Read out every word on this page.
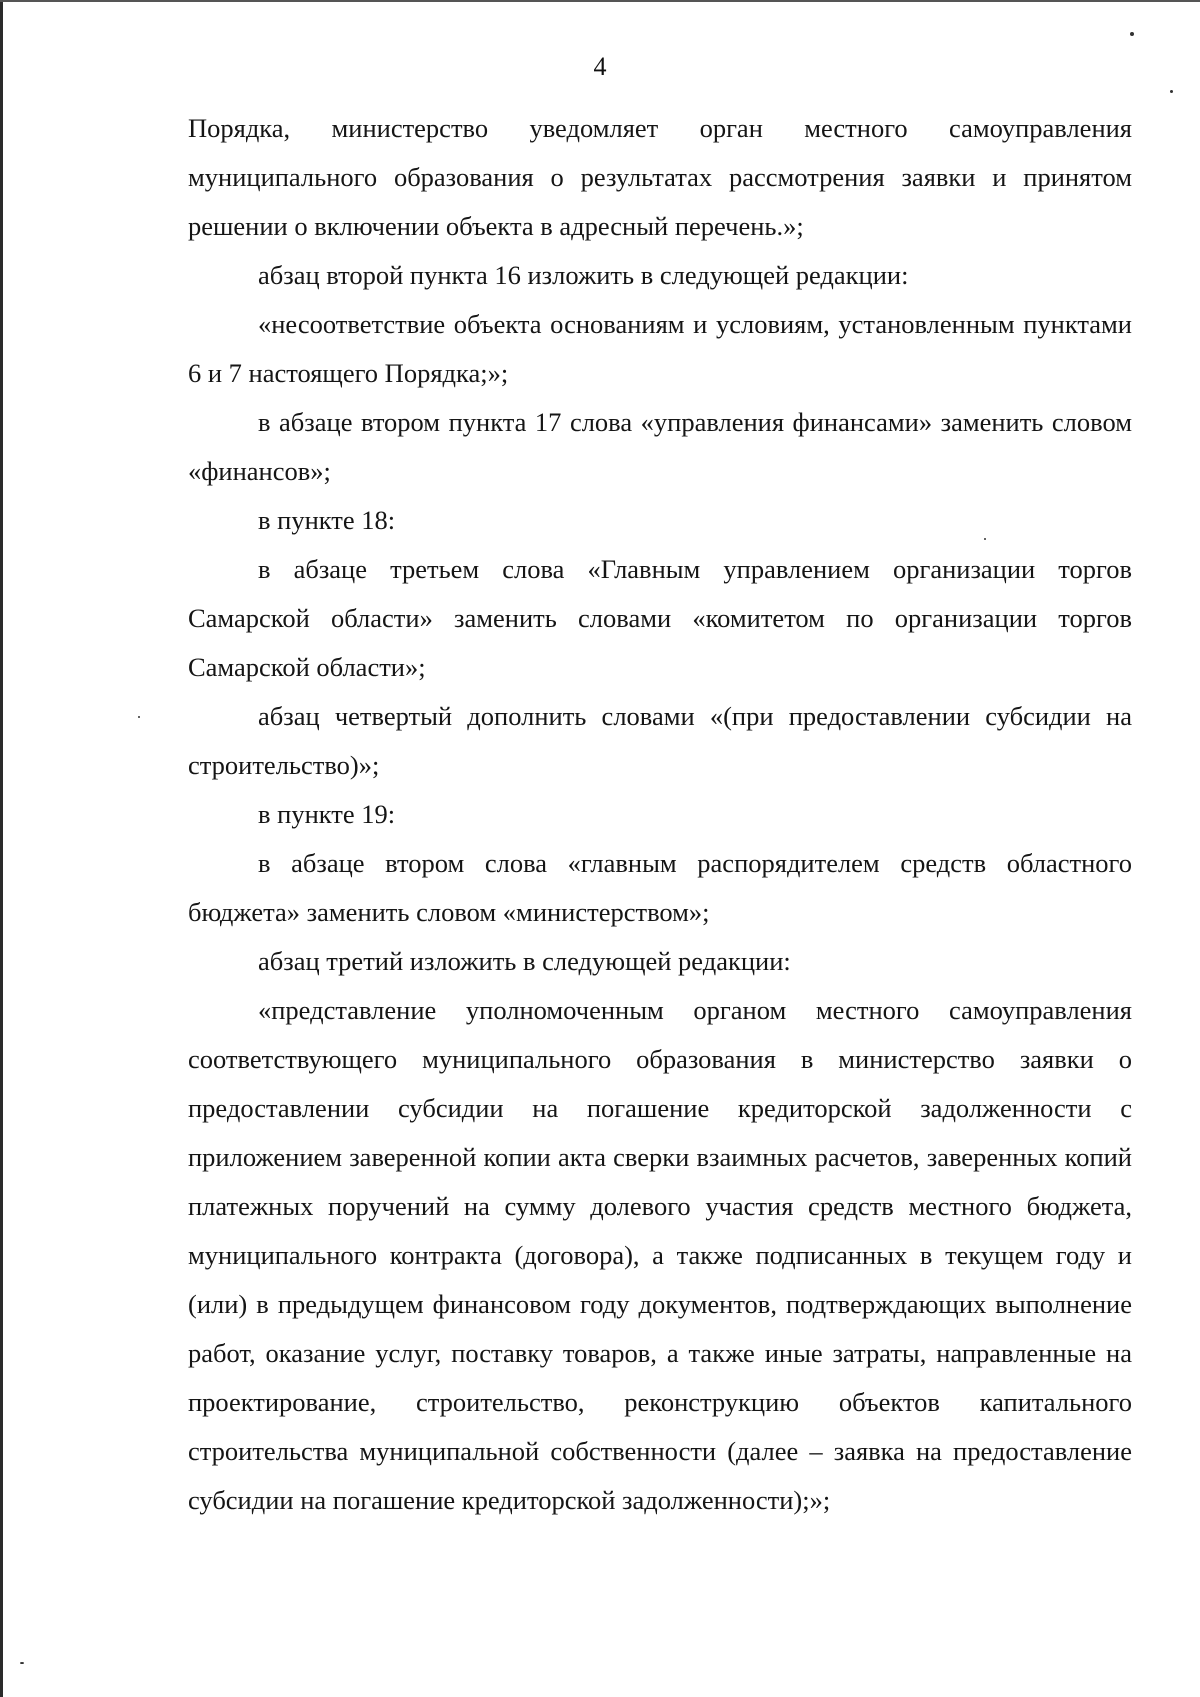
4

Порядка, министерство уведомляет орган местного самоуправления муниципального образования о результатах рассмотрения заявки и принятом решении о включении объекта в адресный перечень.»;

абзац второй пункта 16 изложить в следующей редакции:

«несоответствие объекта основаниям и условиям, установленным пунктами 6 и 7 настоящего Порядка;»;

в абзаце втором пункта 17 слова «управления финансами» заменить словом «финансов»;

в пункте 18:

в абзаце третьем слова «Главным управлением организации торгов Самарской области» заменить словами «комитетом по организации торгов Самарской области»;

абзац четвертый дополнить словами «(при предоставлении субсидии на строительство)»;

в пункте 19:

в абзаце втором слова «главным распорядителем средств областного бюджета» заменить словом «министерством»;

абзац третий изложить в следующей редакции:

«представление уполномоченным органом местного самоуправления соответствующего муниципального образования в министерство заявки о предоставлении субсидии на погашение кредиторской задолженности с приложением заверенной копии акта сверки взаимных расчетов, заверенных копий платежных поручений на сумму долевого участия средств местного бюджета, муниципального контракта (договора), а также подписанных в текущем году и (или) в предыдущем финансовом году документов, подтверждающих выполнение работ, оказание услуг, поставку товаров, а также иные затраты, направленные на проектирование, строительство, реконструкцию объектов капитального строительства муниципальной собственности (далее – заявка на предоставление субсидии на погашение кредиторской задолженности);»;
